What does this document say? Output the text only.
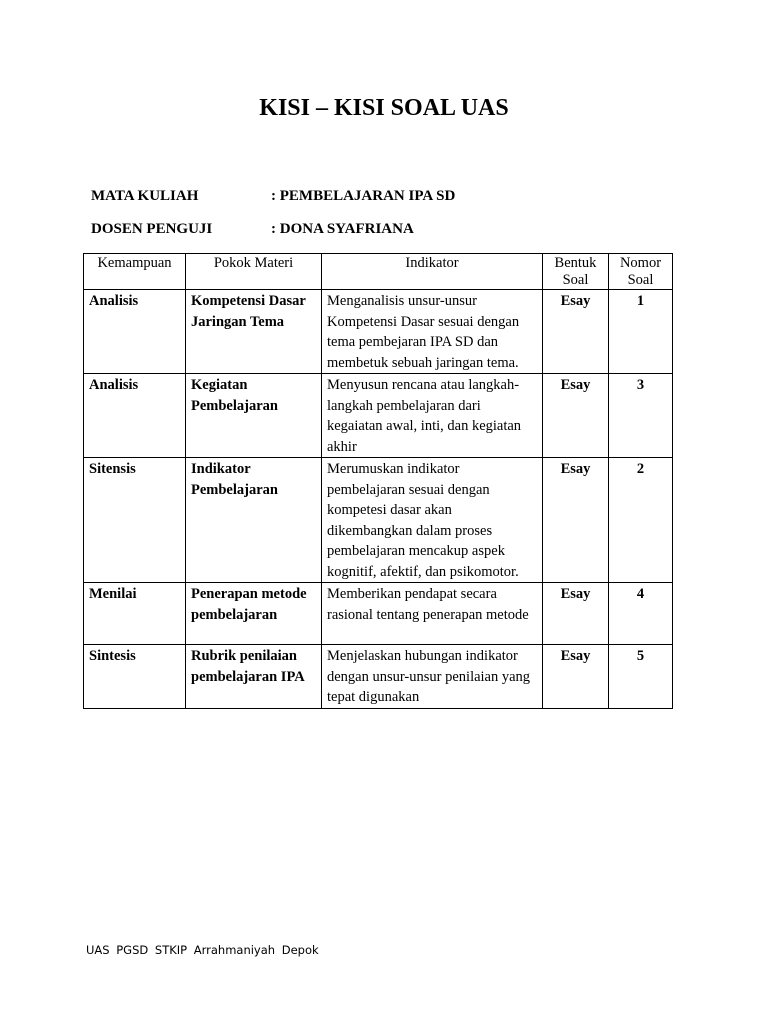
KISI – KISI SOAL UAS
MATA KULIAH	: PEMBELAJARAN IPA SD
DOSEN PENGUJI	: DONA SYAFRIANA
Kemampuan	Pokok Materi	Indikator	Bentuk Soal	Nomor Soal
Analisis	Kompetensi Dasar Jaringan Tema	Menganalisis unsur-unsur Kompetensi Dasar sesuai dengan tema pembejaran IPA SD dan membetuk sebuah jaringan tema.	Esay	1
Analisis	Kegiatan Pembelajaran	Menyusun rencana atau langkah-langkah pembelajaran dari kegaiatan awal, inti, dan kegiatan akhir	Esay	3
Sitensis	Indikator Pembelajaran	Merumuskan indikator pembelajaran sesuai dengan kompetesi dasar akan dikembangkan dalam proses pembelajaran mencakup aspek kognitif, afektif, dan psikomotor.	Esay	2
Menilai	Penerapan metode pembelajaran	Memberikan pendapat secara rasional tentang penerapan metode	Esay	4
Sintesis	Rubrik penilaian pembelajaran IPA	Menjelaskan hubungan indikator dengan unsur-unsur penilaian yang tepat digunakan	Esay	5
UAS PGSD STKIP Arrahmaniyah Depok
